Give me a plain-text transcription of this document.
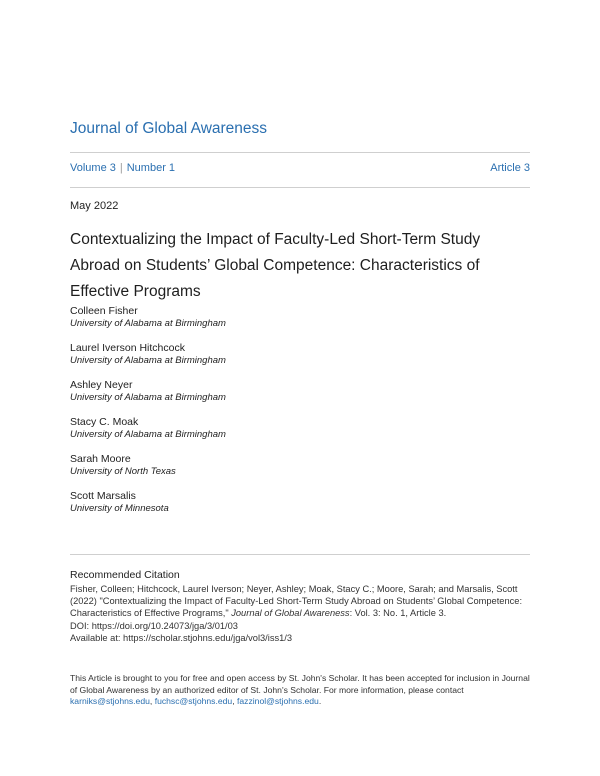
Journal of Global Awareness
Volume 3 | Number 1	Article 3
May 2022
Contextualizing the Impact of Faculty-Led Short-Term Study Abroad on Students’ Global Competence: Characteristics of Effective Programs
Colleen Fisher
University of Alabama at Birmingham
Laurel Iverson Hitchcock
University of Alabama at Birmingham
Ashley Neyer
University of Alabama at Birmingham
Stacy C. Moak
University of Alabama at Birmingham
Sarah Moore
University of North Texas
Scott Marsalis
University of Minnesota
Recommended Citation

Fisher, Colleen; Hitchcock, Laurel Iverson; Neyer, Ashley; Moak, Stacy C.; Moore, Sarah; and Marsalis, Scott (2022) "Contextualizing the Impact of Faculty-Led Short-Term Study Abroad on Students’ Global Competence: Characteristics of Effective Programs," Journal of Global Awareness: Vol. 3: No. 1, Article 3.

DOI: https://doi.org/10.24073/jga/3/01/03

Available at: https://scholar.stjohns.edu/jga/vol3/iss1/3

This Article is brought to you for free and open access by St. John's Scholar. It has been accepted for inclusion in Journal of Global Awareness by an authorized editor of St. John's Scholar. For more information, please contact
karniks@stjohns.edu, fuchsc@stjohns.edu, fazzinol@stjohns.edu.
